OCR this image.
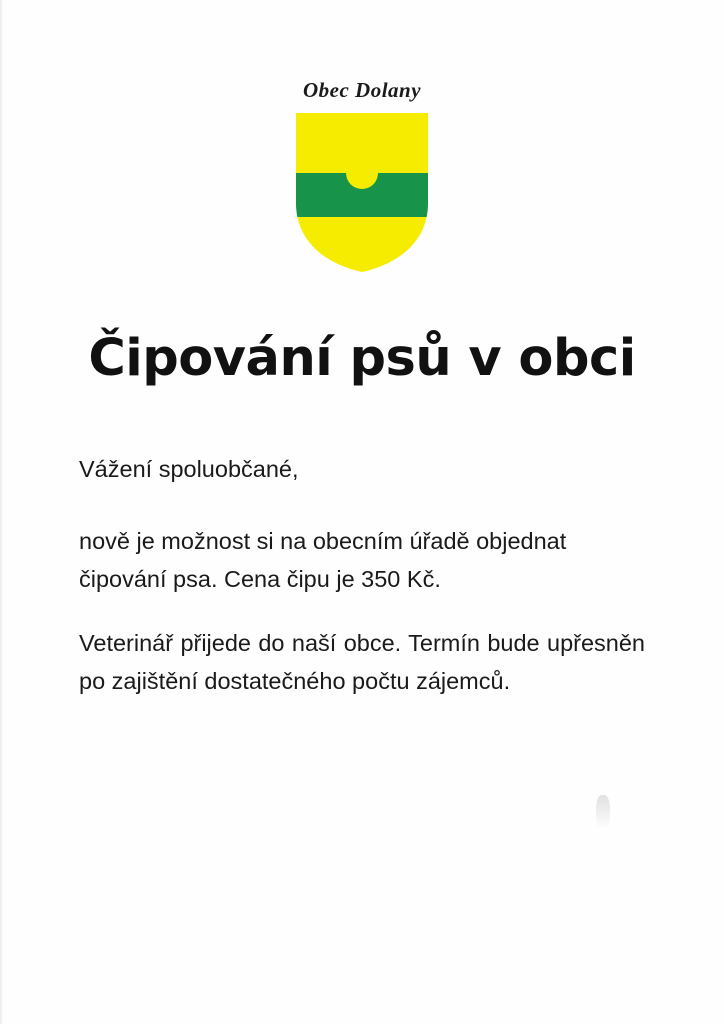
Obec Dolany
Čipování psů v obci

Vážení spoluobčané,

nově je možnost si na obecním úřadě objednat čipování psa. Cena čipu je 350 Kč.

Veterinář přijede do naší obce. Termín bude upřesněn po zajištění dostatečného počtu zájemců.
